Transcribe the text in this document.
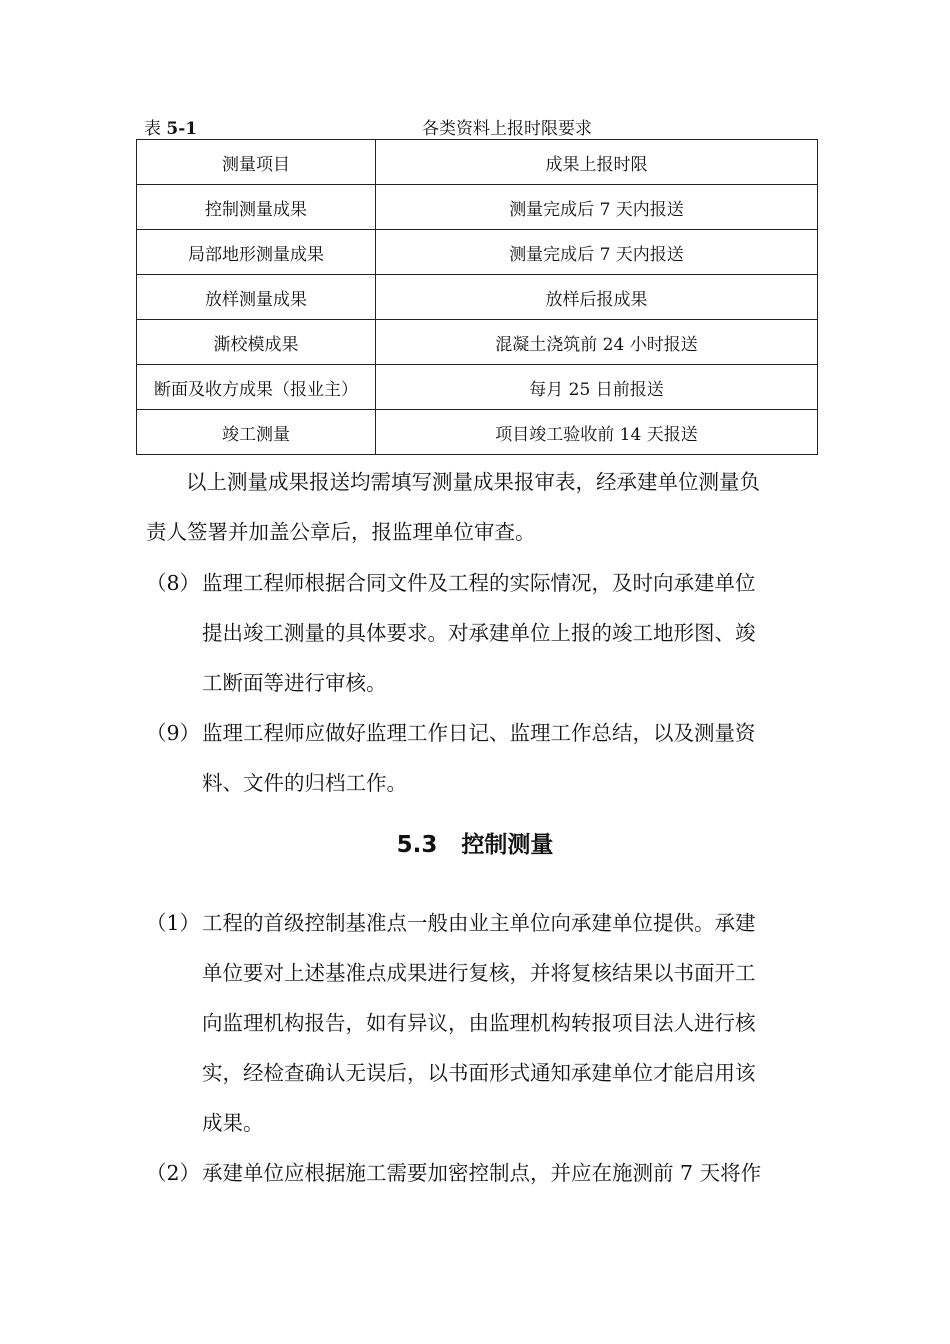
表 5-1	各类资料上报时限要求
测量项目	成果上报时限
控制测量成果	测量完成后 7 天内报送
局部地形测量成果	测量完成后 7 天内报送
放样测量成果	放样后报成果
澌校模成果	混凝土浇筑前 24 小时报送
断面及收方成果（报业主）	每月 25 日前报送
竣工测量	项目竣工验收前 14 天报送
以上测量成果报送均需填写测量成果报审表，经承建单位测量负
责人签署并加盖公章后，报监理单位审查。
（8） 监理工程师根据合同文件及工程的实际情况，及时向承建单位
提出竣工测量的具体要求。对承建单位上报的竣工地形图、竣
工断面等进行审核。
（9） 监理工程师应做好监理工作日记、监理工作总结，以及测量资
料、文件的归档工作。
5.3 控制测量
（1） 工程的首级控制基准点一般由业主单位向承建单位提供。承建
单位要对上述基准点成果进行复核，并将复核结果以书面开工
向监理机构报告，如有异议，由监理机构转报项目法人进行核
实，经检查确认无误后，以书面形式通知承建单位才能启用该
成果。
（2） 承建单位应根据施工需要加密控制点，并应在施测前 7 天将作
